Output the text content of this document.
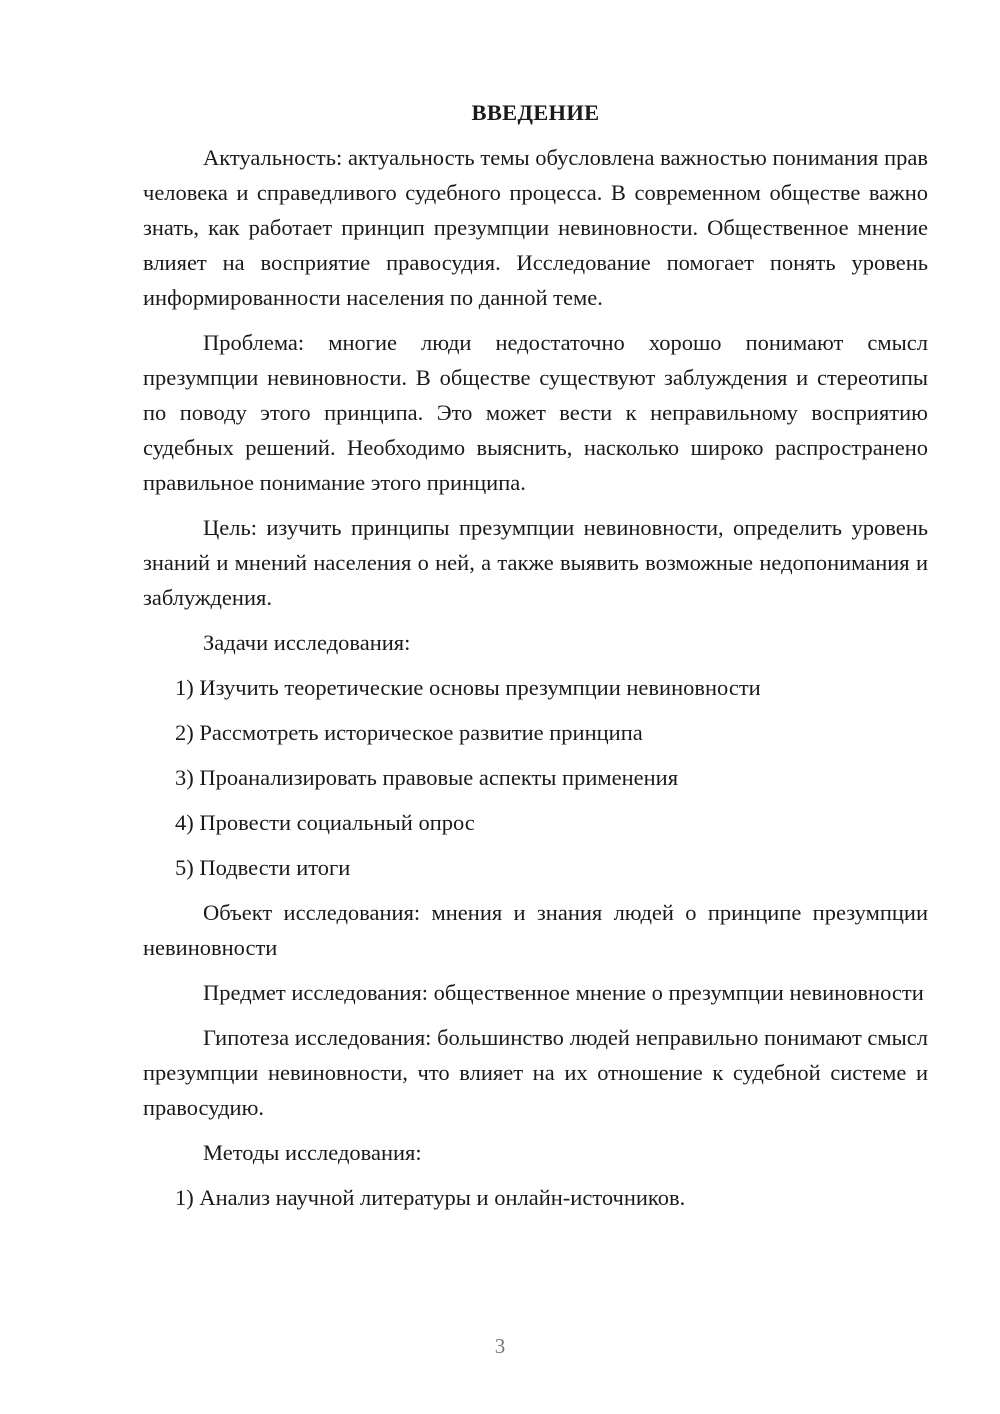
ВВЕДЕНИЕ

Актуальность: актуальность темы обусловлена важностью понимания прав человека и справедливого судебного процесса. В современном обществе важно знать, как работает принцип презумпции невиновности. Общественное мнение влияет на восприятие правосудия. Исследование помогает понять уровень информированности населения по данной теме.

Проблема: многие люди недостаточно хорошо понимают смысл презумпции невиновности. В обществе существуют заблуждения и стереотипы по поводу этого принципа. Это может вести к неправильному восприятию судебных решений. Необходимо выяснить, насколько широко распространено правильное понимание этого принципа.

Цель: изучить принципы презумпции невиновности, определить уровень знаний и мнений населения о ней, а также выявить возможные недопонимания и заблуждения.

Задачи исследования:

1) Изучить теоретические основы презумпции невиновности

2) Рассмотреть историческое развитие принципа

3) Проанализировать правовые аспекты применения

4) Провести социальный опрос

5) Подвести итоги

Объект исследования: мнения и знания людей о принципе презумпции невиновности

Предмет исследования: общественное мнение о презумпции невиновности

Гипотеза исследования: большинство людей неправильно понимают смысл презумпции невиновности, что влияет на их отношение к судебной системе и правосудию.

Методы исследования:

1) Анализ научной литературы и онлайн-источников.

3
